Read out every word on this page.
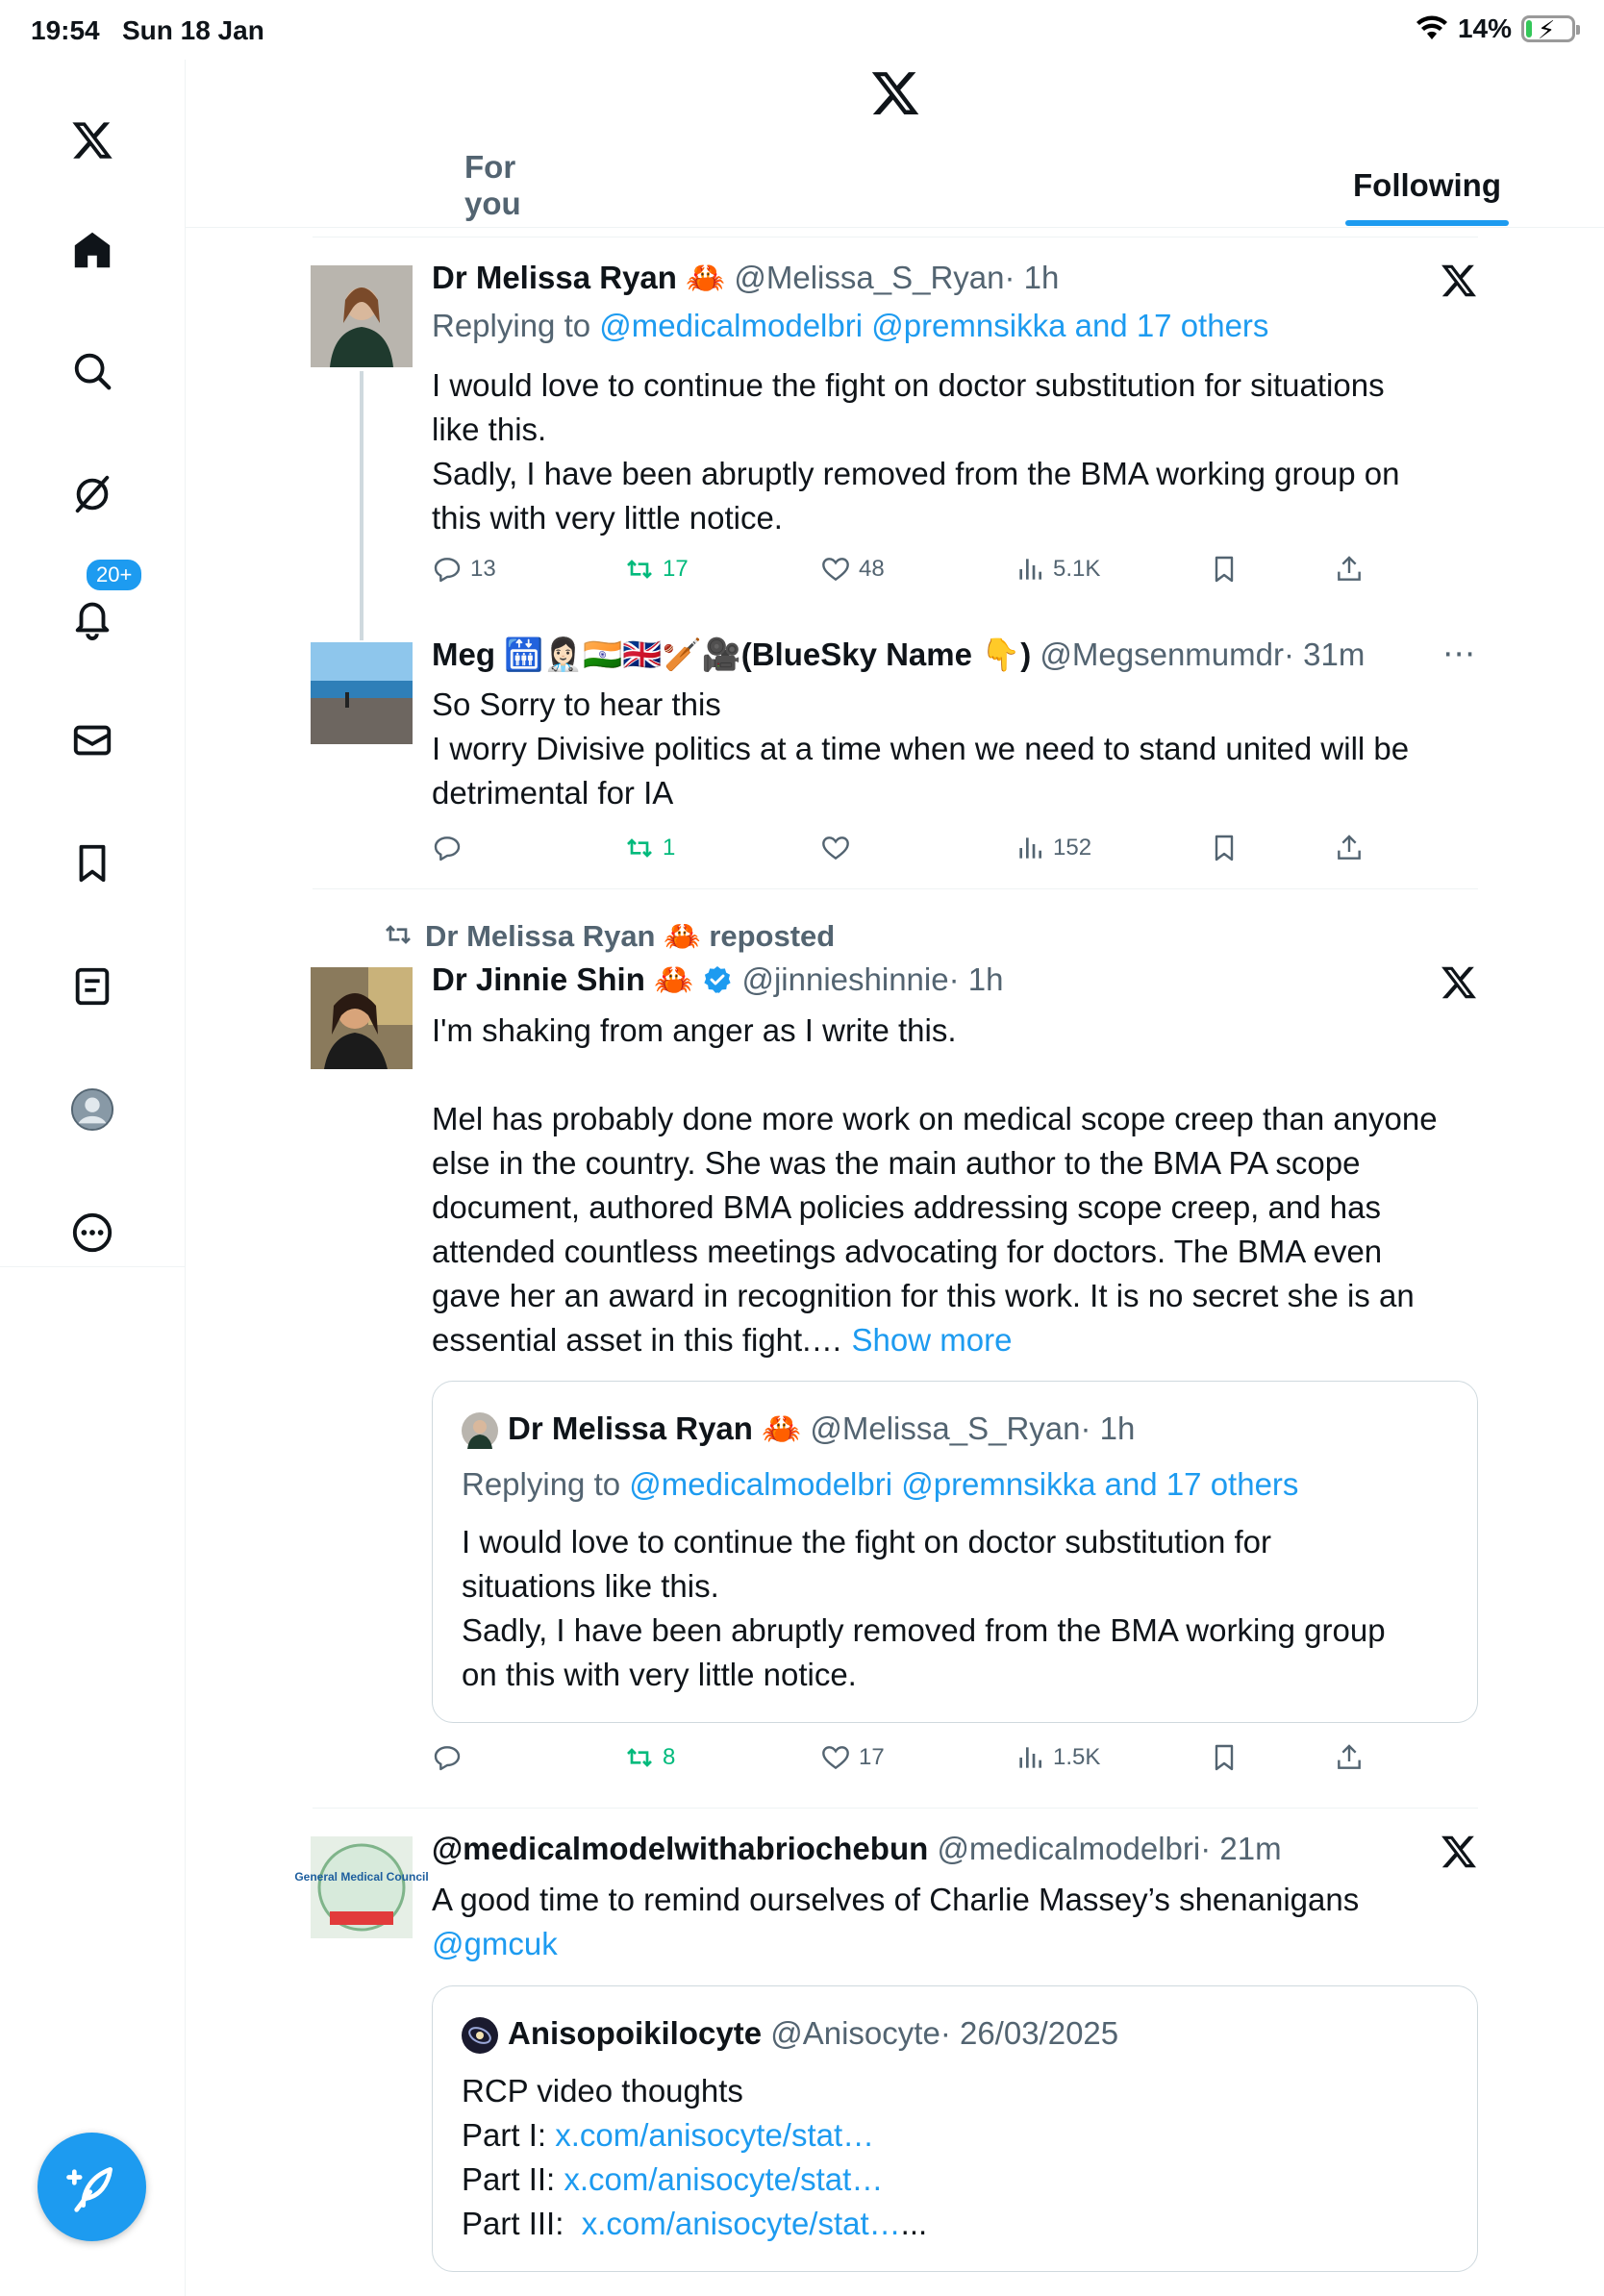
19:54 Sun 18 Jan	14% ⚡
20+
For you
Following
Dr Melissa Ryan 🦀 @Melissa_S_Ryan· 1h
Replying to @medicalmodelbri @premnsikka and 17 others
I would love to continue the fight on doctor substitution for situations
like this.
Sadly, I have been abruptly removed from the BMA working group on
this with very little notice.
13	17	48	5.1K
Meg 🛗👩🏻‍⚕️🇮🇳🇬🇧🏏🎥(BlueSky Name 👇) @Megsenmumdr· 31m ⋯
So Sorry to hear this
I worry Divisive politics at a time when we need to stand united will be
detrimental for IA
1	152
Dr Melissa Ryan 🦀 reposted
Dr Jinnie Shin 🦀 @jinnieshinnie· 1h
I'm shaking from anger as I write this.
Mel has probably done more work on medical scope creep than anyone
else in the country. She was the main author to the BMA PA scope
document, authored BMA policies addressing scope creep, and has
attended countless meetings advocating for doctors. The BMA even
gave her an award in recognition for this work. It is no secret she is an
essential asset in this fight.… Show more
Dr Melissa Ryan 🦀 @Melissa_S_Ryan· 1h
Replying to @medicalmodelbri @premnsikka and 17 others
I would love to continue the fight on doctor substitution for
situations like this.
Sadly, I have been abruptly removed from the BMA working group
on this with very little notice.
8	17	1.5K
General Medical Council
@medicalmodelwithabriochebun @medicalmodelbri· 21m
A good time to remind ourselves of Charlie Massey’s shenanigans
@gmcuk
Anisopoikilocyte @Anisocyte· 26/03/2025
RCP video thoughts
Part I: x.com/anisocyte/stat…
Part II: x.com/anisocyte/stat…
Part III:  x.com/anisocyte/stat…...
